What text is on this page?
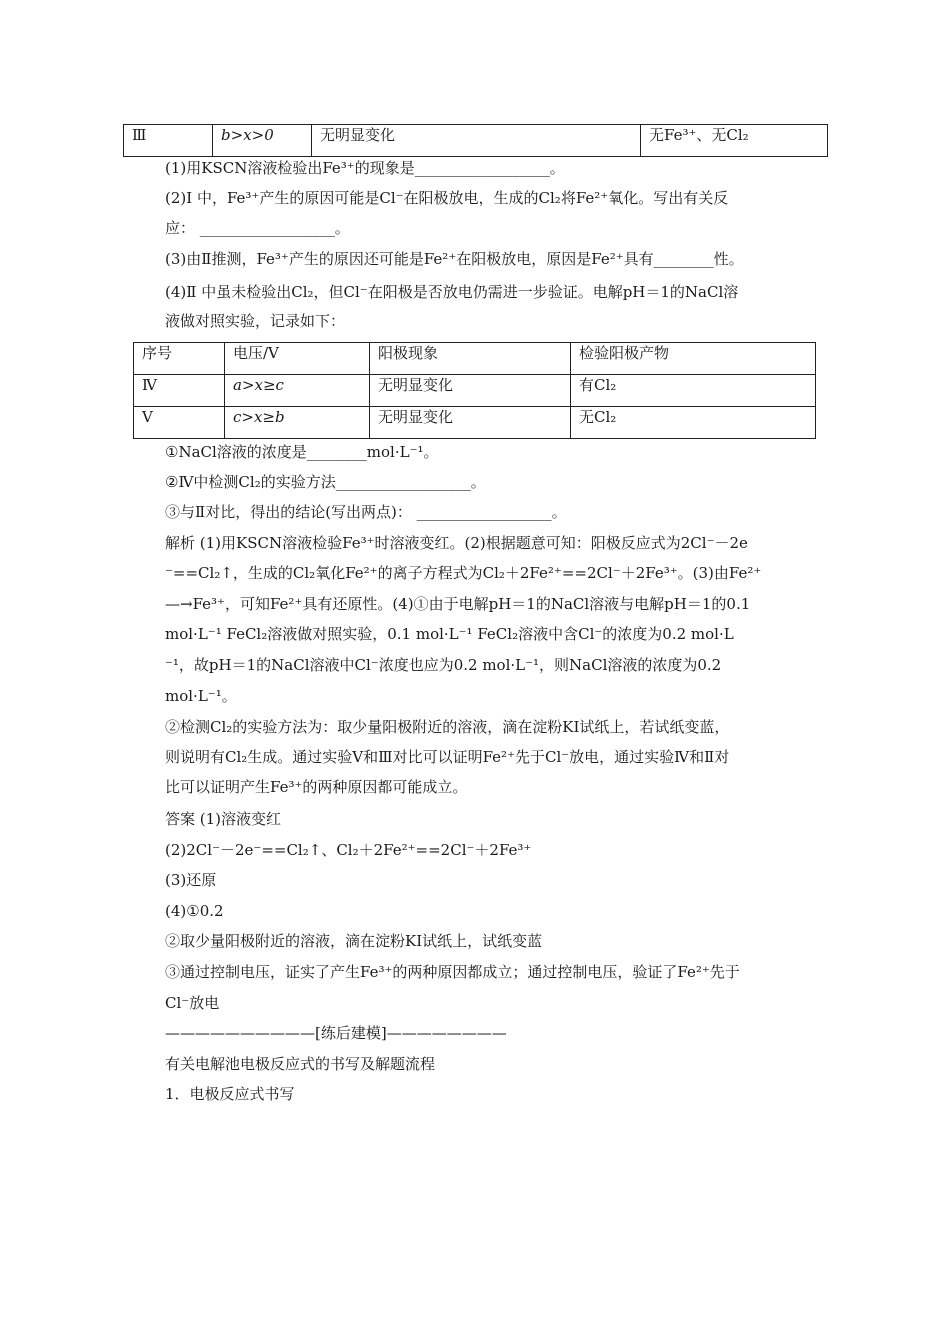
Ⅲ	b>x>0	无明显变化	无Fe³⁺、无Cl₂
(1)用KSCN溶液检验出Fe³⁺的现象是__________________。
(2)Ⅰ 中，Fe³⁺产生的原因可能是Cl⁻在阳极放电，生成的Cl₂将Fe²⁺氧化。写出有关反
应： __________________。
(3)由Ⅱ推测，Fe³⁺产生的原因还可能是Fe²⁺在阳极放电，原因是Fe²⁺具有________性。
(4)Ⅱ 中虽未检验出Cl₂，但Cl⁻在阳极是否放电仍需进一步验证。电解pH＝1的NaCl溶
液做对照实验，记录如下：
序号	电压/V	阳极现象	检验阳极产物
Ⅳ	a>x≥c	无明显变化	有Cl₂
Ⅴ	c>x≥b	无明显变化	无Cl₂
①NaCl溶液的浓度是________mol·L⁻¹。
②Ⅳ中检测Cl₂的实验方法__________________。
③与Ⅱ对比，得出的结论(写出两点)： __________________。
解析 (1)用KSCN溶液检验Fe³⁺时溶液变红。(2)根据题意可知：阳极反应式为2Cl⁻－2e
⁻==Cl₂↑，生成的Cl₂氧化Fe²⁺的离子方程式为Cl₂＋2Fe²⁺==2Cl⁻＋2Fe³⁺。(3)由Fe²⁺
—→Fe³⁺，可知Fe²⁺具有还原性。(4)①由于电解pH＝1的NaCl溶液与电解pH＝1的0.1
mol·L⁻¹ FeCl₂溶液做对照实验，0.1 mol·L⁻¹ FeCl₂溶液中含Cl⁻的浓度为0.2 mol·L
⁻¹，故pH＝1的NaCl溶液中Cl⁻浓度也应为0.2 mol·L⁻¹，则NaCl溶液的浓度为0.2
mol·L⁻¹。
②检测Cl₂的实验方法为：取少量阳极附近的溶液，滴在淀粉KI试纸上，若试纸变蓝，
则说明有Cl₂生成。通过实验Ⅴ和Ⅲ对比可以证明Fe²⁺先于Cl⁻放电，通过实验Ⅳ和Ⅱ对
比可以证明产生Fe³⁺的两种原因都可能成立。
答案 (1)溶液变红
(2)2Cl⁻－2e⁻==Cl₂↑、Cl₂＋2Fe²⁺==2Cl⁻＋2Fe³⁺
(3)还原
(4)①0.2
②取少量阳极附近的溶液，滴在淀粉KI试纸上，试纸变蓝
③通过控制电压，证实了产生Fe³⁺的两种原因都成立；通过控制电压，验证了Fe²⁺先于
Cl⁻放电
——————————[练后建模]————————
有关电解池电极反应式的书写及解题流程
1．电极反应式书写
